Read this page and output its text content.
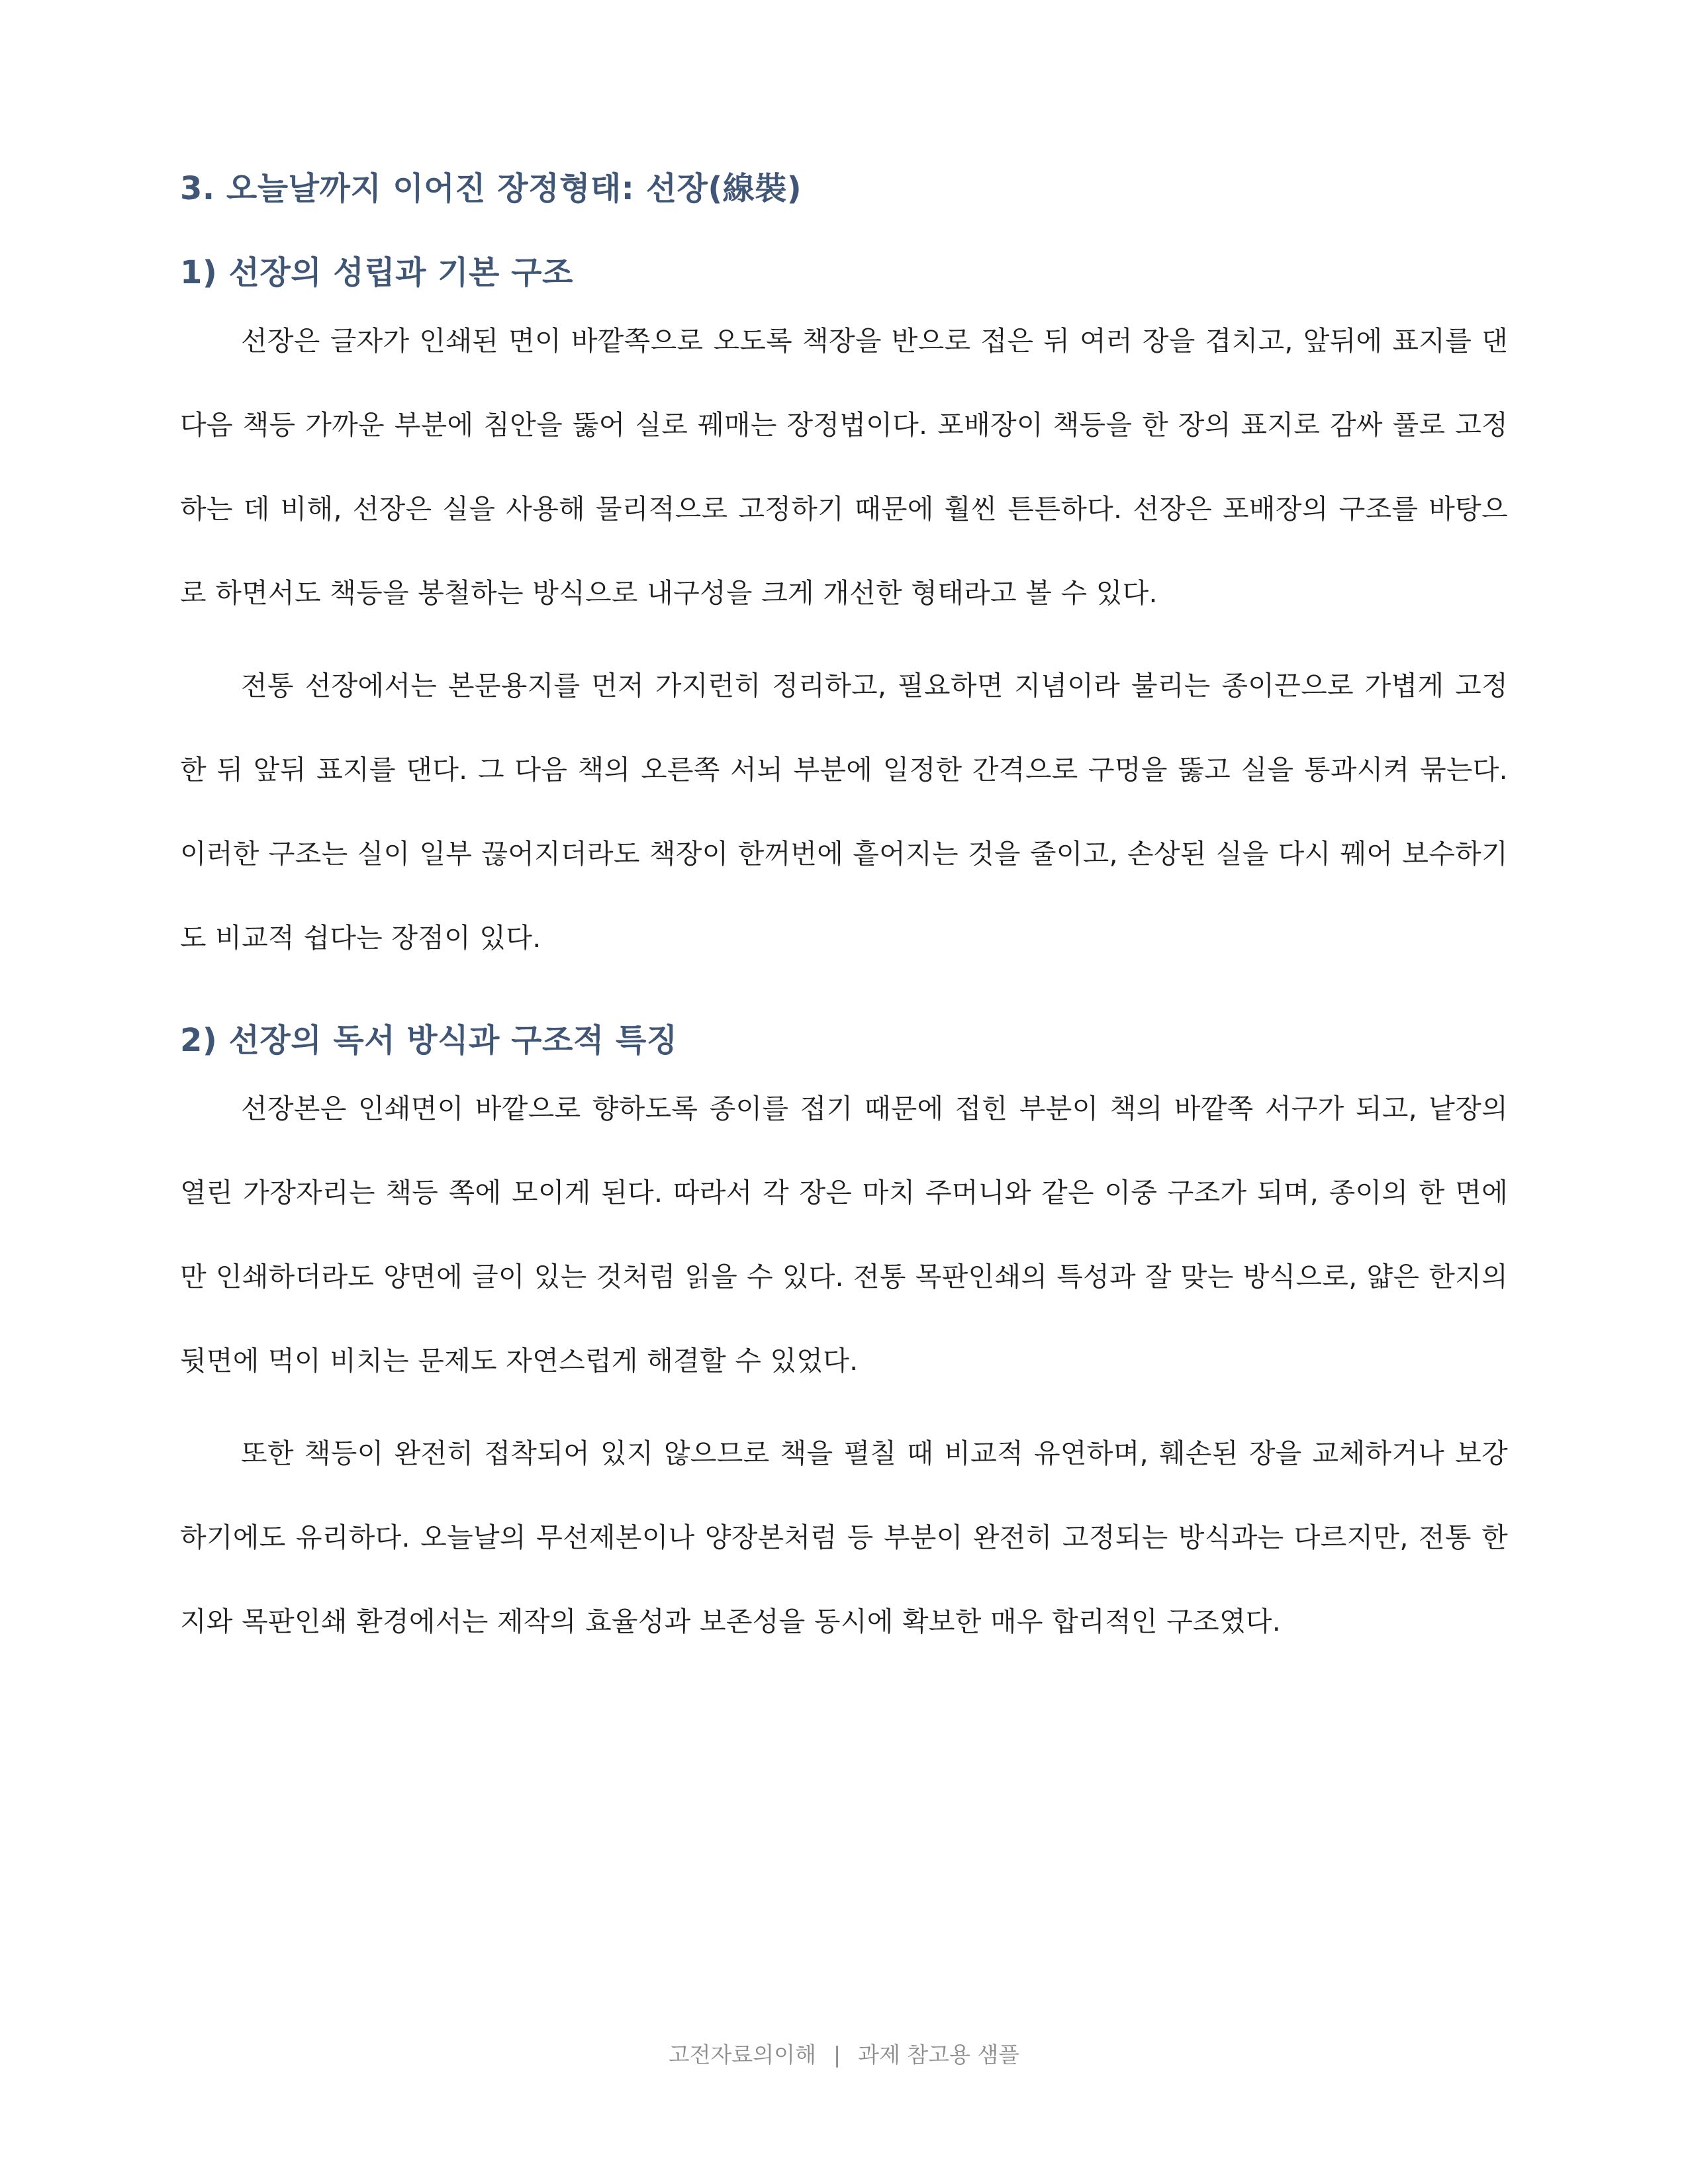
3. 오늘날까지 이어진 장정형태: 선장(線裝)
1) 선장의 성립과 기본 구조

선장은 글자가 인쇄된 면이 바깥쪽으로 오도록 책장을 반으로 접은 뒤 여러 장을 겹치고, 앞뒤에 표지를 댄 다음 책등 가까운 부분에 침안을 뚫어 실로 꿰매는 장정법이다. 포배장이 책등을 한 장의 표지로 감싸 풀로 고정하는 데 비해, 선장은 실을 사용해 물리적으로 고정하기 때문에 훨씬 튼튼하다. 선장은 포배장의 구조를 바탕으로 하면서도 책등을 봉철하는 방식으로 내구성을 크게 개선한 형태라고 볼 수 있다.

전통 선장에서는 본문용지를 먼저 가지런히 정리하고, 필요하면 지념이라 불리는 종이끈으로 가볍게 고정한 뒤 앞뒤 표지를 댄다. 그 다음 책의 오른쪽 서뇌 부분에 일정한 간격으로 구멍을 뚫고 실을 통과시켜 묶는다. 이러한 구조는 실이 일부 끊어지더라도 책장이 한꺼번에 흩어지는 것을 줄이고, 손상된 실을 다시 꿰어 보수하기도 비교적 쉽다는 장점이 있다.

2) 선장의 독서 방식과 구조적 특징

선장본은 인쇄면이 바깥으로 향하도록 종이를 접기 때문에 접힌 부분이 책의 바깥쪽 서구가 되고, 낱장의 열린 가장자리는 책등 쪽에 모이게 된다. 따라서 각 장은 마치 주머니와 같은 이중 구조가 되며, 종이의 한 면에만 인쇄하더라도 양면에 글이 있는 것처럼 읽을 수 있다. 전통 목판인쇄의 특성과 잘 맞는 방식으로, 얇은 한지의 뒷면에 먹이 비치는 문제도 자연스럽게 해결할 수 있었다.

또한 책등이 완전히 접착되어 있지 않으므로 책을 펼칠 때 비교적 유연하며, 훼손된 장을 교체하거나 보강하기에도 유리하다. 오늘날의 무선제본이나 양장본처럼 등 부분이 완전히 고정되는 방식과는 다르지만, 전통 한지와 목판인쇄 환경에서는 제작의 효율성과 보존성을 동시에 확보한 매우 합리적인 구조였다.

고전자료의이해 | 과제 참고용 샘플
